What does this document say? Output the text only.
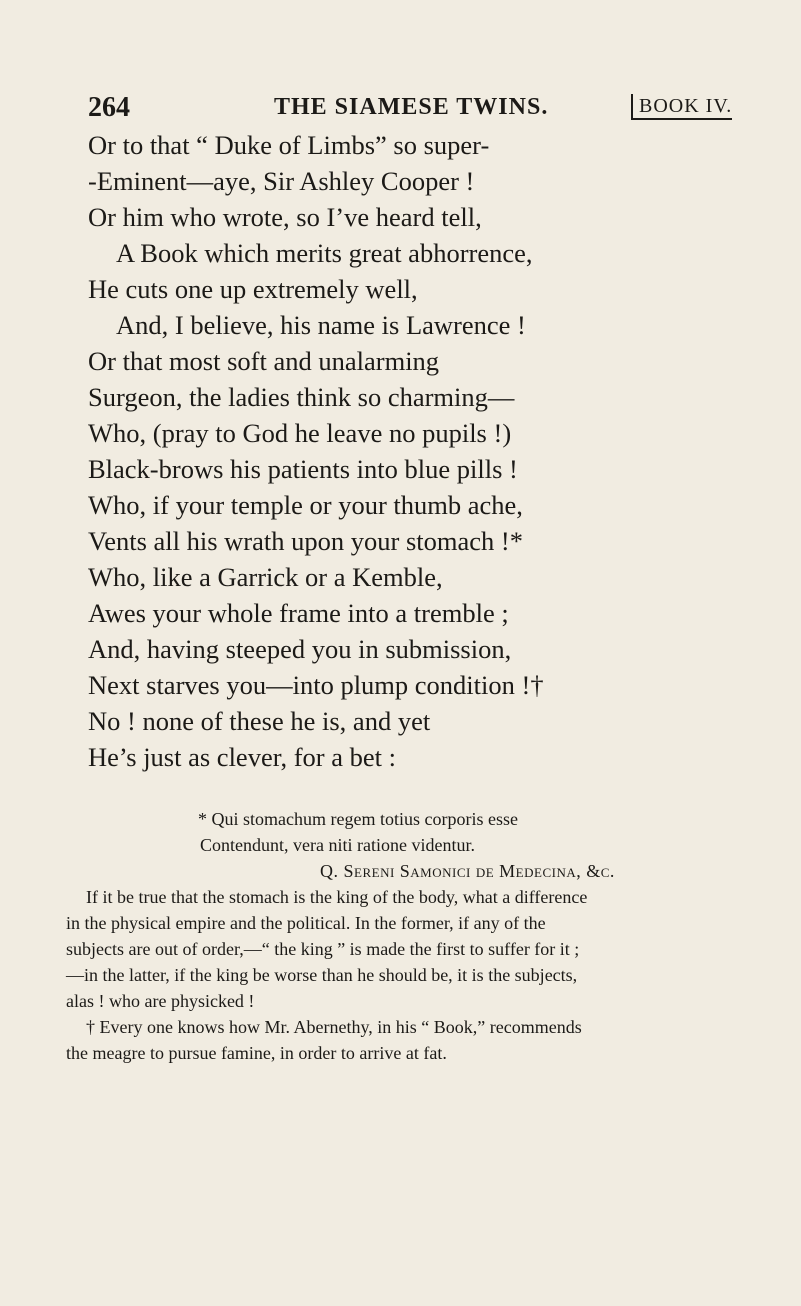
264	THE SIAMESE TWINS.	BOOK IV.
Or to that “ Duke of Limbs” so super-
-Eminent—aye, Sir Ashley Cooper !
Or him who wrote, so I’ve heard tell,
A Book which merits great abhorrence,
He cuts one up extremely well,
And, I believe, his name is Lawrence !
Or that most soft and unalarming
Surgeon, the ladies think so charming—
Who, (pray to God he leave no pupils !)
Black-brows his patients into blue pills !
Who, if your temple or your thumb ache,
Vents all his wrath upon your stomach !*
Who, like a Garrick or a Kemble,
Awes your whole frame into a tremble ;
And, having steeped you in submission,
Next starves you—into plump condition !†
No ! none of these he is, and yet
He’s just as clever, for a bet :
* Qui stomachum regem totius corporis esse
Contendunt, vera niti ratione videntur.
Q. Sereni Samonici de Medecina, &c.
If it be true that the stomach is the king of the body, what a difference
in the physical empire and the political. In the former, if any of the
subjects are out of order,—“ the king ” is made the first to suffer for it ;
—in the latter, if the king be worse than he should be, it is the subjects,
alas ! who are physicked !
† Every one knows how Mr. Abernethy, in his “ Book,” recommends
the meagre to pursue famine, in order to arrive at fat.
